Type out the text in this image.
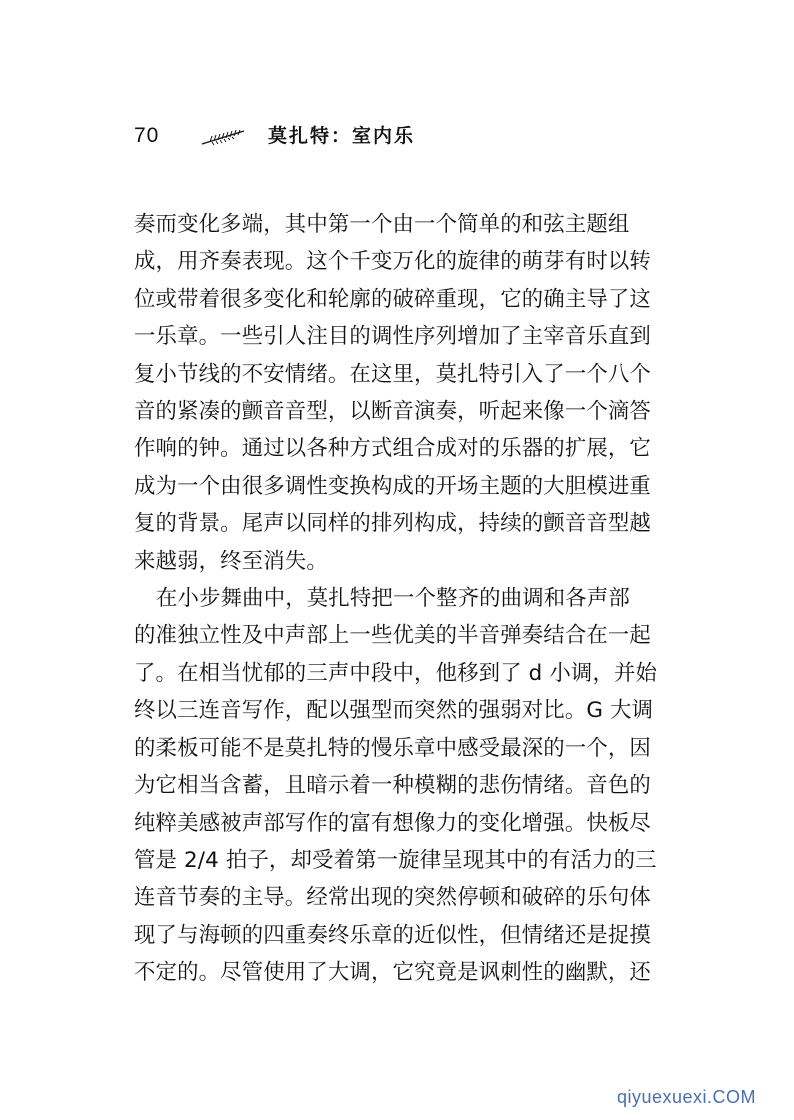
70	莫扎特：室内乐

奏而变化多端，其中第一个由一个简单的和弦主题组
成，用齐奏表现。这个千变万化的旋律的萌芽有时以转
位或带着很多变化和轮廓的破碎重现，它的确主导了这
一乐章。一些引人注目的调性序列增加了主宰音乐直到
复小节线的不安情绪。在这里，莫扎特引入了一个八个
音的紧凑的颤音音型，以断音演奏，听起来像一个滴答
作响的钟。通过以各种方式组合成对的乐器的扩展，它
成为一个由很多调性变换构成的开场主题的大胆模进重
复的背景。尾声以同样的排列构成，持续的颤音音型越
来越弱，终至消失。

在小步舞曲中，莫扎特把一个整齐的曲调和各声部
的准独立性及中声部上一些优美的半音弹奏结合在一起
了。在相当忧郁的三声中段中，他移到了 d 小调，并始
终以三连音写作，配以强型而突然的强弱对比。G 大调
的柔板可能不是莫扎特的慢乐章中感受最深的一个，因
为它相当含蓄，且暗示着一种模糊的悲伤情绪。音色的
纯粹美感被声部写作的富有想像力的变化增强。快板尽
管是 2/4 拍子，却受着第一旋律呈现其中的有活力的三
连音节奏的主导。经常出现的突然停顿和破碎的乐句体
现了与海顿的四重奏终乐章的近似性，但情绪还是捉摸
不定的。尽管使用了大调，它究竟是讽刺性的幽默，还

qiyuexuexi.COM
